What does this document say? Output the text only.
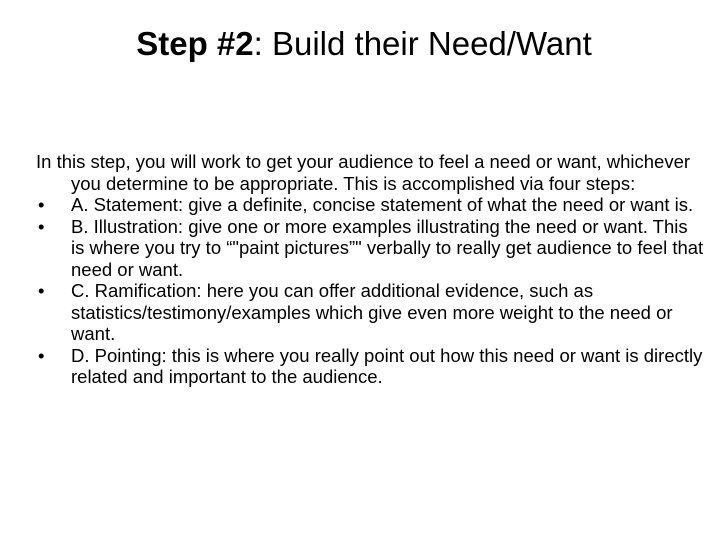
Step #2: Build their Need/Want

In this step, you will work to get your audience to feel a need or want, whichever you determine to be appropriate. This is accomplished via four steps:

• A. Statement: give a definite, concise statement of what the need or want is.
• B. Illustration: give one or more examples illustrating the need or want. This is where you try to “"paint pictures”" verbally to really get audience to feel that need or want.
• C. Ramification: here you can offer additional evidence, such as statistics/testimony/examples which give even more weight to the need or want.
• D. Pointing: this is where you really point out how this need or want is directly related and important to the audience.
